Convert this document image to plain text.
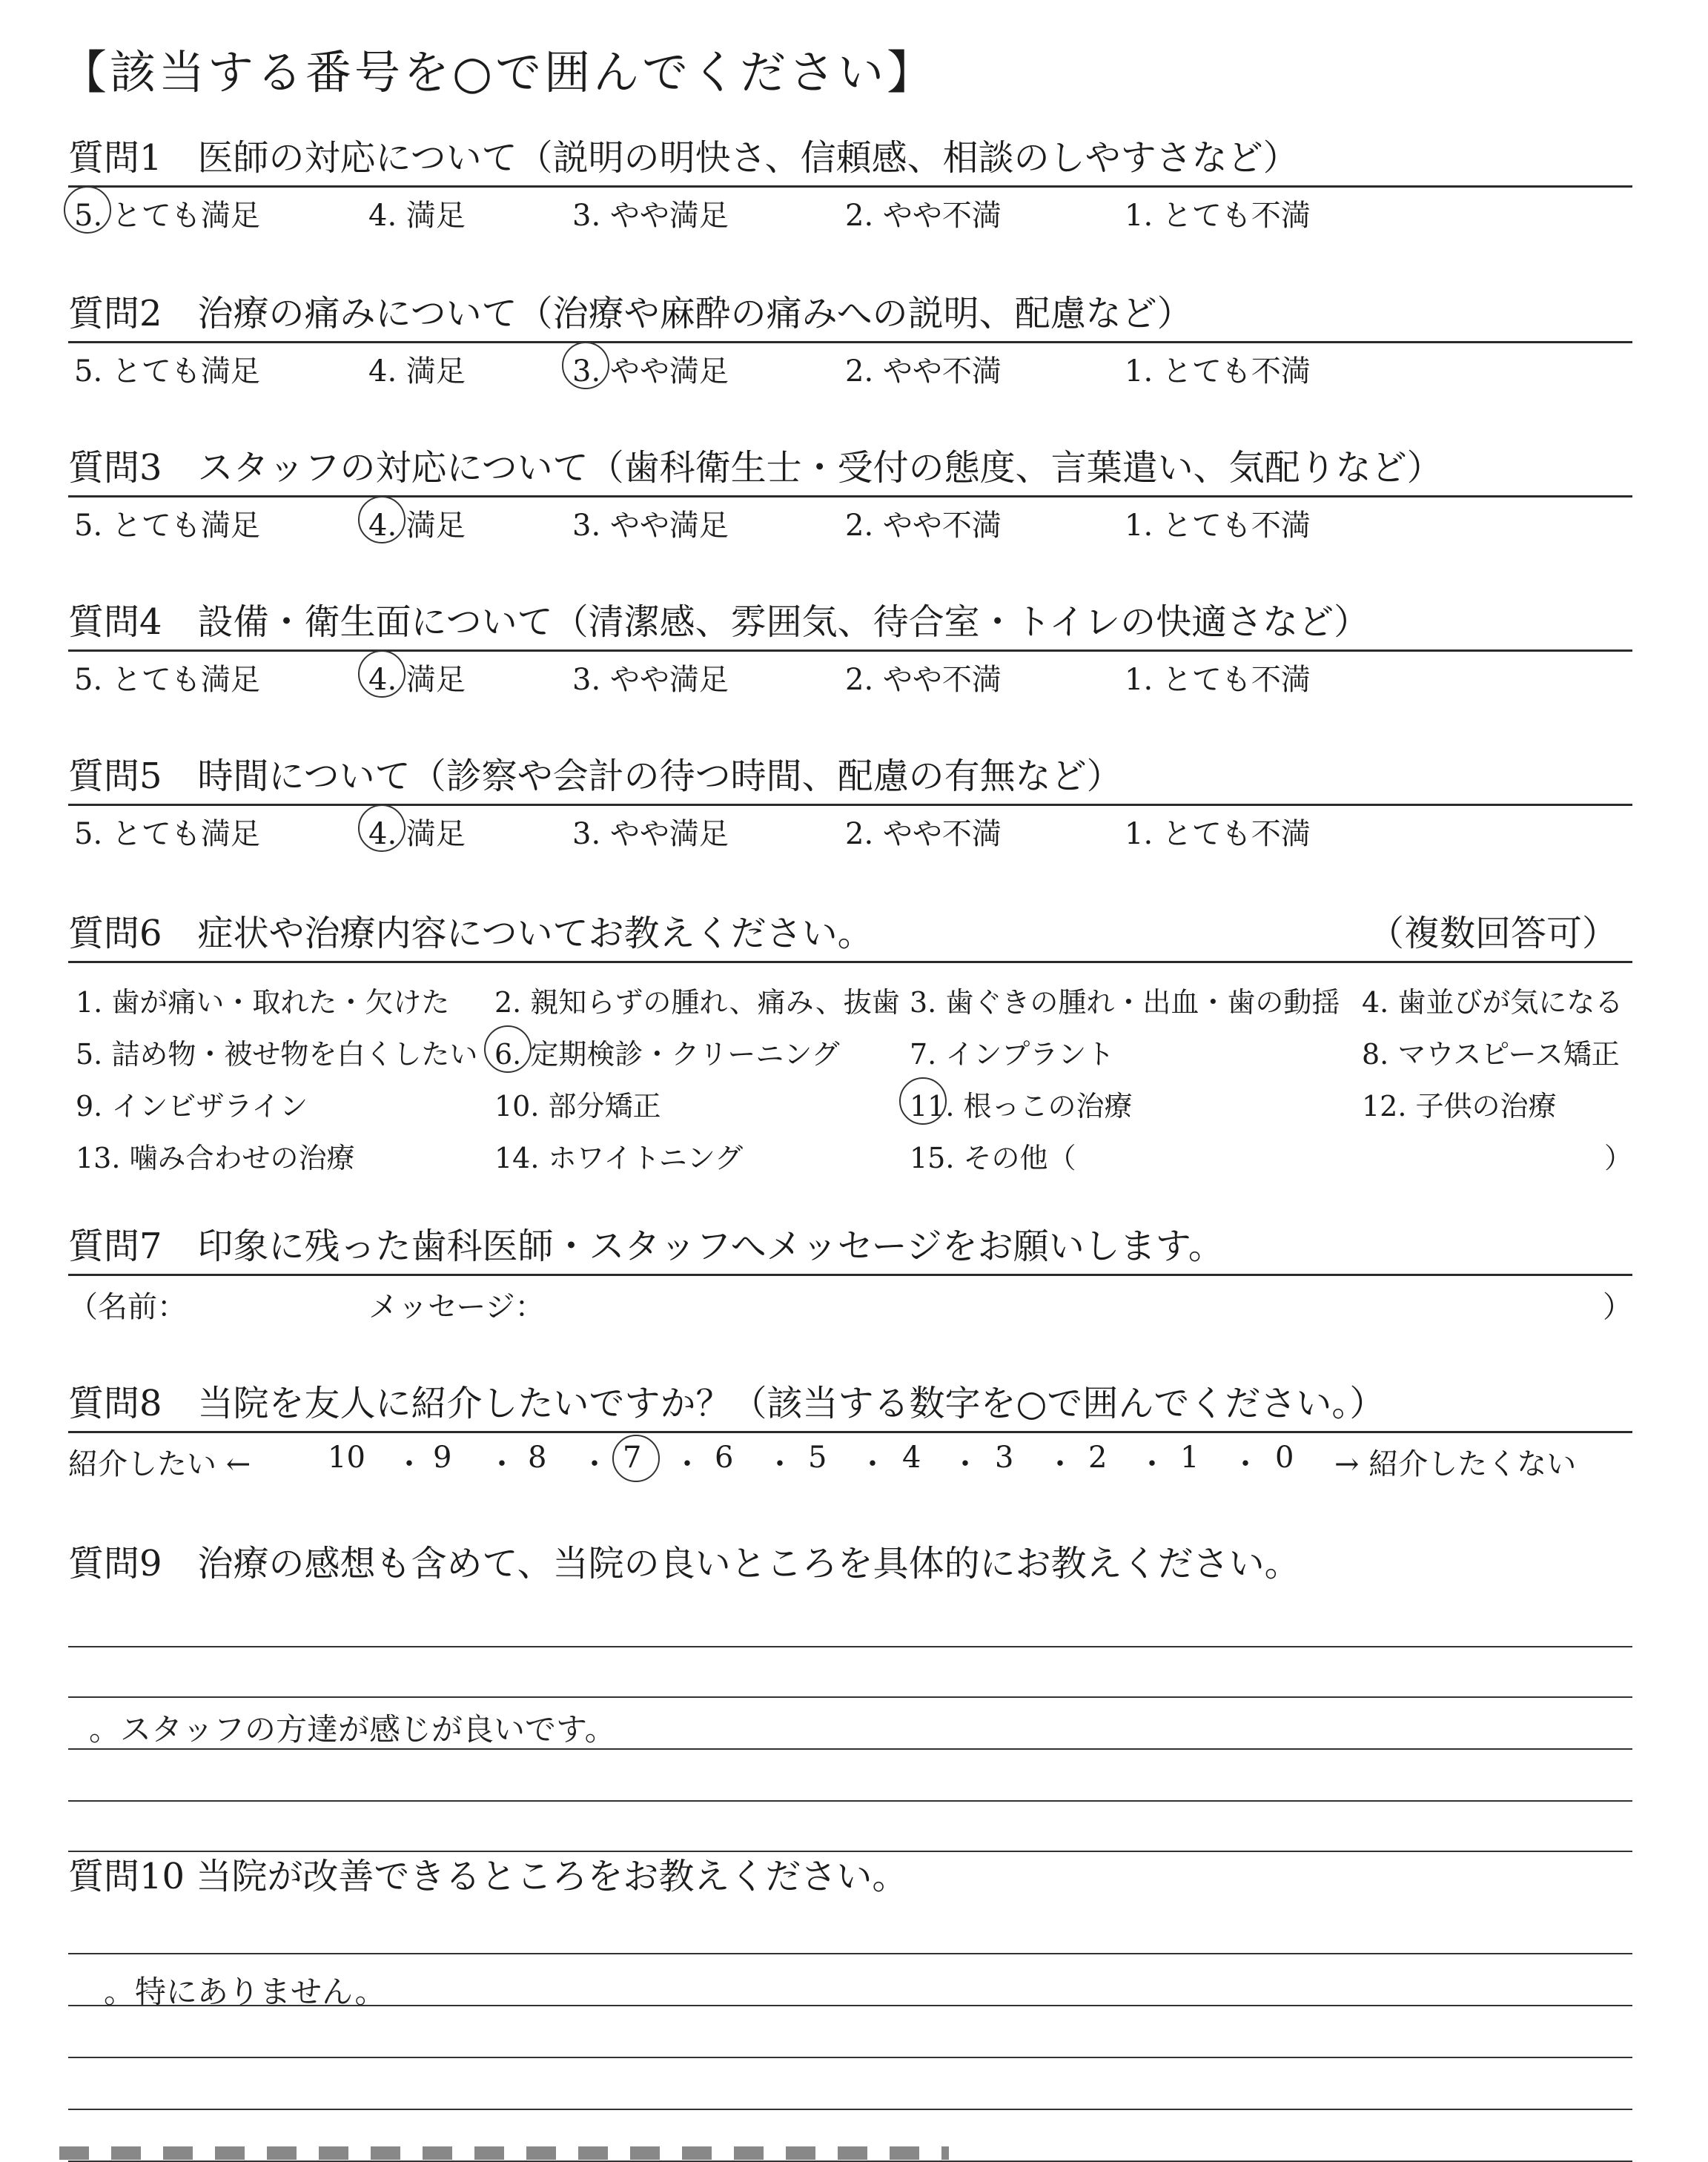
【該当する番号を○で囲んでください】
質問1　医師の対応について（説明の明快さ、信頼感、相談のしやすさなど）
5. とても満足	4. 満足	3. やや満足	2. やや不満	1. とても不満
質問2　治療の痛みについて（治療や麻酔の痛みへの説明、配慮など）
5. とても満足	4. 満足	3. やや満足	2. やや不満	1. とても不満
質問3　スタッフの対応について（歯科衛生士・受付の態度、言葉遣い、気配りなど）
5. とても満足	4. 満足	3. やや満足	2. やや不満	1. とても不満
質問4　設備・衛生面について（清潔感、雰囲気、待合室・トイレの快適さなど）
5. とても満足	4. 満足	3. やや満足	2. やや不満	1. とても不満
質問5　時間について（診察や会計の待つ時間、配慮の有無など）
5. とても満足	4. 満足	3. やや満足	2. やや不満	1. とても不満
質問6　症状や治療内容についてお教えください。	（複数回答可）
1. 歯が痛い・取れた・欠けた 2. 親知らずの腫れ、痛み、抜歯 3. 歯ぐきの腫れ・出血・歯の動揺 4. 歯並びが気になる
5. 詰め物・被せ物を白くしたい 6. 定期検診・クリーニング 7. インプラント	8. マウスピース矯正
9. インビザライン	10. 部分矯正	11. 根っこの治療	12. 子供の治療
13. 噛み合わせの治療	14. ホワイトニング	15. その他（	）
質問7　印象に残った歯科医師・スタッフへメッセージをお願いします。
（名前：	メッセージ：	）
質問8　当院を友人に紹介したいですか？（該当する数字を○で囲んでください。）
紹介したい ←	10 ・ 9 ・ 8 ・ 7 ・ 6 ・ 5 ・ 4 ・ 3 ・ 2 ・ 1 ・ 0 → 紹介したくない
質問9　治療の感想も含めて、当院の良いところを具体的にお教えください。
。スタッフの方達が感じが良いです。
質問10 当院が改善できるところをお教えください。
。特にありません。
